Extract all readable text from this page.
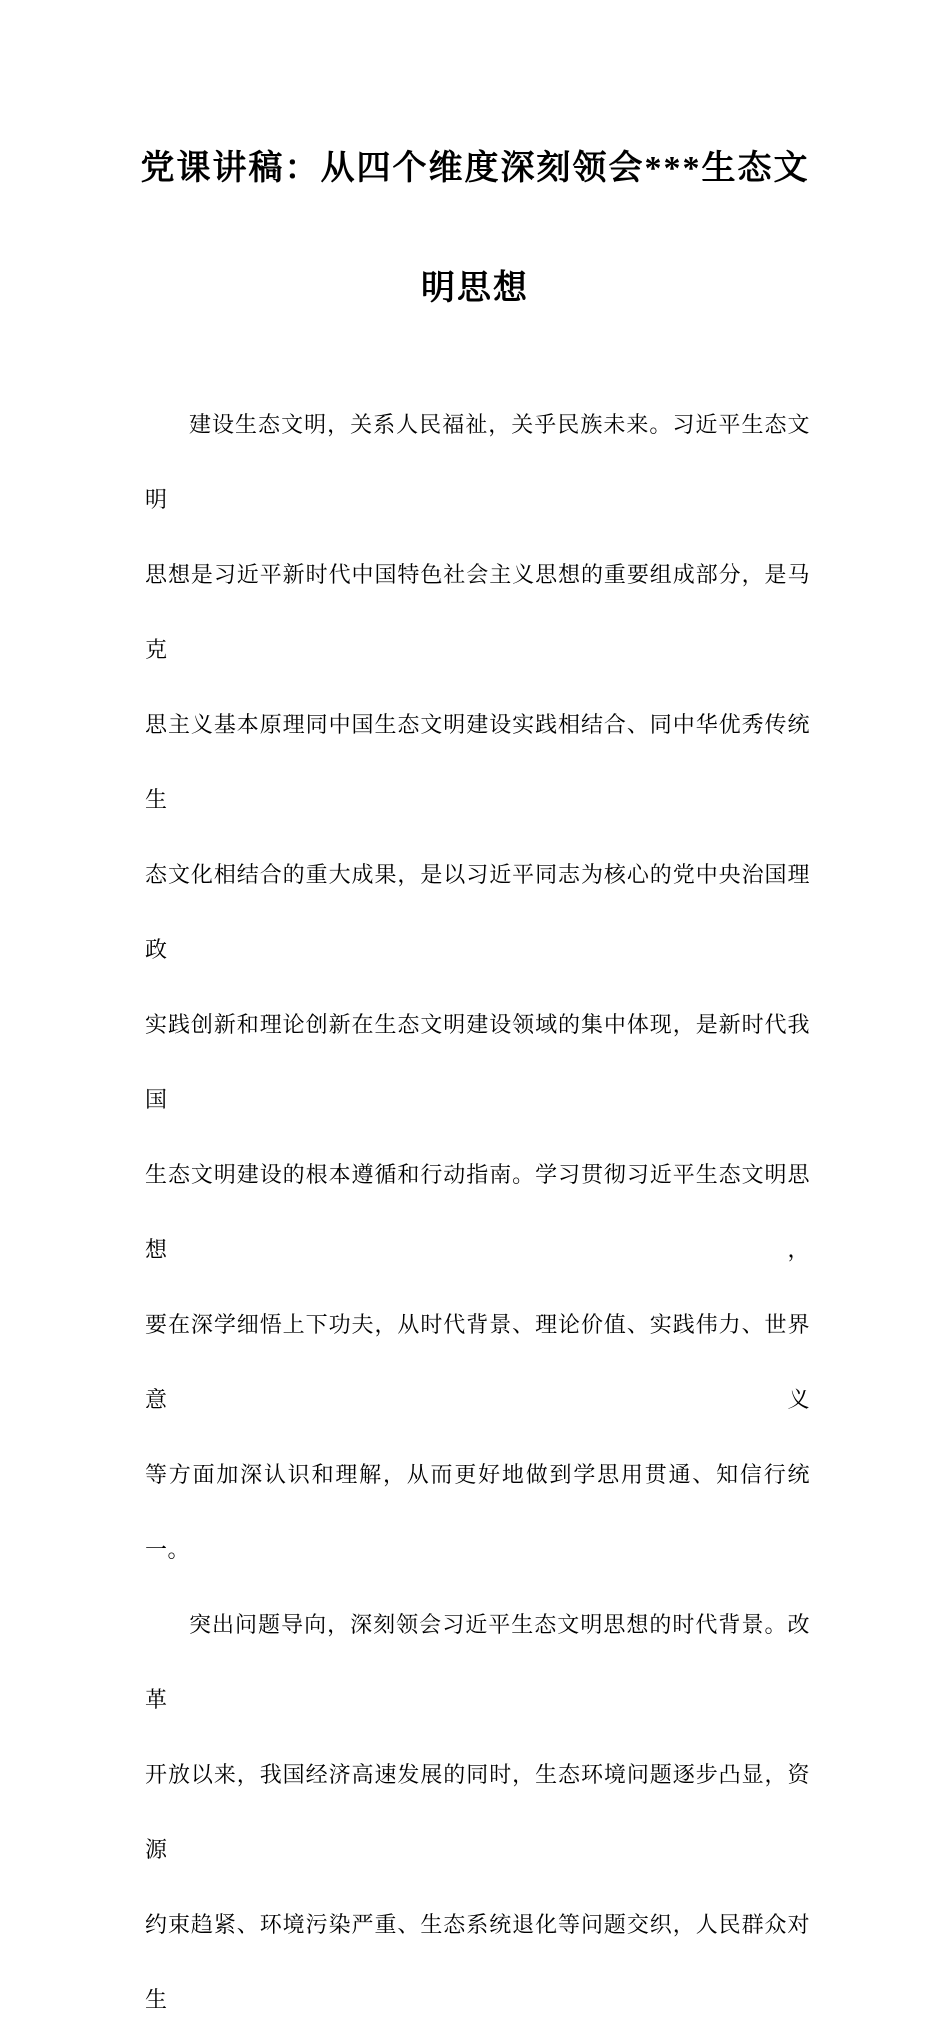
党课讲稿：从四个维度深刻领会***生态文
明思想
建设生态文明，关系人民福祉，关乎民族未来。习近平生态文明
思想是习近平新时代中国特色社会主义思想的重要组成部分，是马克
思主义基本原理同中国生态文明建设实践相结合、同中华优秀传统生
态文化相结合的重大成果，是以习近平同志为核心的党中央治国理政
实践创新和理论创新在生态文明建设领域的集中体现，是新时代我国
生态文明建设的根本遵循和行动指南。学习贯彻习近平生态文明思想，
要在深学细悟上下功夫，从时代背景、理论价值、实践伟力、世界意义
等方面加深认识和理解，从而更好地做到学思用贯通、知信行统一。
突出问题导向，深刻领会习近平生态文明思想的时代背景。改革
开放以来，我国经济高速发展的同时，生态环境问题逐步凸显，资源
约束趋紧、环境污染严重、生态系统退化等问题交织，人民群众对生
